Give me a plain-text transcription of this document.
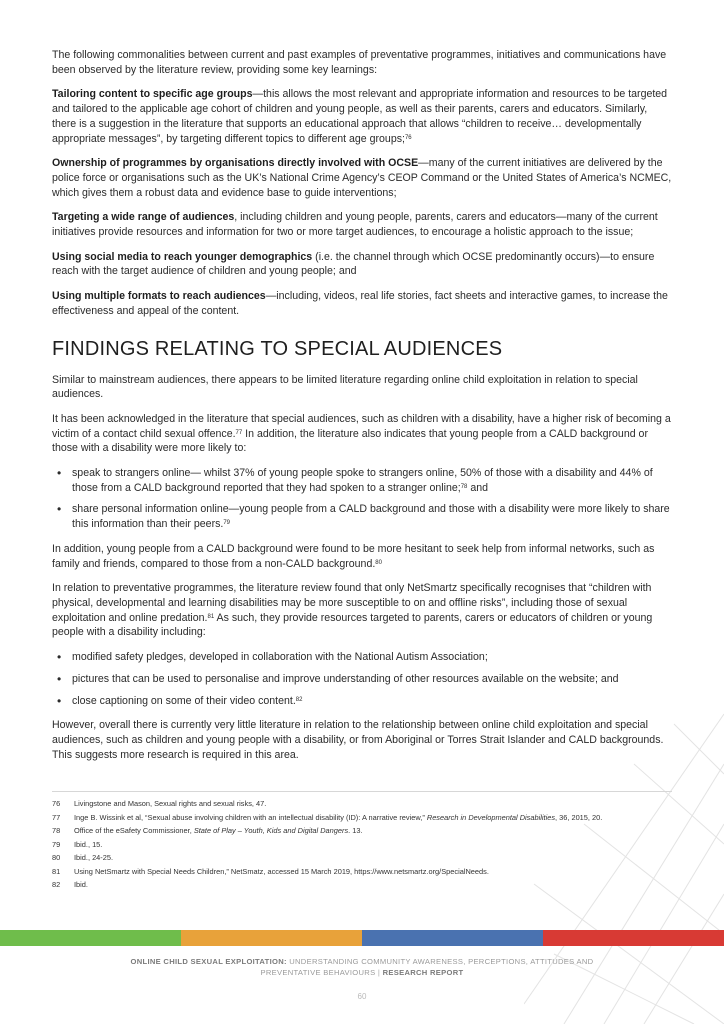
The following commonalities between current and past examples of preventative programmes, initiatives and communications have been observed by the literature review, providing some key learnings:

Tailoring content to specific age groups—this allows the most relevant and appropriate information and resources to be targeted and tailored to the applicable age cohort of children and young people, as well as their parents, carers and educators. Similarly, there is a suggestion in the literature that supports an educational approach that allows “children to receive… developmentally appropriate messages”, by targeting different topics to different age groups;$^{76}$

Ownership of programmes by organisations directly involved with OCSE—many of the current initiatives are delivered by the police force or organisations such as the UK’s National Crime Agency’s CEOP Command or the United States of America’s NCMEC, which gives them a robust data and evidence base to guide interventions;

Targeting a wide range of audiences, including children and young people, parents, carers and educators—many of the current initiatives provide resources and information for two or more target audiences, to encourage a holistic approach to the issue;

Using social media to reach younger demographics (i.e. the channel through which OCSE predominantly occurs)—to ensure reach with the target audience of children and young people; and

Using multiple formats to reach audiences—including, videos, real life stories, fact sheets and interactive games, to increase the effectiveness and appeal of the content.

FINDINGS RELATING TO SPECIAL AUDIENCES

Similar to mainstream audiences, there appears to be limited literature regarding online child exploitation in relation to special audiences.

It has been acknowledged in the literature that special audiences, such as children with a disability, have a higher risk of becoming a victim of a contact child sexual offence.$^{77}$ In addition, the literature also indicates that young people from a CALD background or those with a disability were more likely to:

• speak to strangers online— whilst 37% of young people spoke to strangers online, 50% of those with a disability and 44% of those from a CALD background reported that they had spoken to a stranger online;$^{78}$ and
• share personal information online—young people from a CALD background and those with a disability were more likely to share this information than their peers.$^{79}$

In addition, young people from a CALD background were found to be more hesitant to seek help from informal networks, such as family and friends, compared to those from a non-CALD background.$^{80}$

In relation to preventative programmes, the literature review found that only NetSmartz specifically recognises that “children with physical, developmental and learning disabilities may be more susceptible to on and offline risks”, including those of sexual exploitation and online predation.$^{81}$ As such, they provide resources targeted to parents, carers or educators of children or young people with a disability including:

• modified safety pledges, developed in collaboration with the National Autism Association;
• pictures that can be used to personalise and improve understanding of other resources available on the website; and
• close captioning on some of their video content.$^{82}$

However, overall there is currently very little literature in relation to the relationship between online child exploitation and special audiences, such as children and young people with a disability, or from Aboriginal or Torres Strait Islander and CALD backgrounds. This suggests more research is required in this area.

76	Livingstone and Mason, Sexual rights and sexual risks, 47.
77	Inge B. Wissink et al, “Sexual abuse involving children with an intellectual disability (ID): A narrative review,” Research in Developmental Disabilities, 36, 2015, 20.
78	Office of the eSafety Commissioner, State of Play – Youth, Kids and Digital Dangers. 13.
79	Ibid., 15.
80	Ibid., 24-25.
81	Using NetSmartz with Special Needs Children,” NetSmatz, accessed 15 March 2019, https://www.netsmartz.org/SpecialNeeds.
82	Ibid.
ONLINE CHILD SEXUAL EXPLOITATION: UNDERSTANDING COMMUNITY AWARENESS, PERCEPTIONS, ATTITUDES AND PREVENTATIVE BEHAVIOURS | RESEARCH REPORT
60
